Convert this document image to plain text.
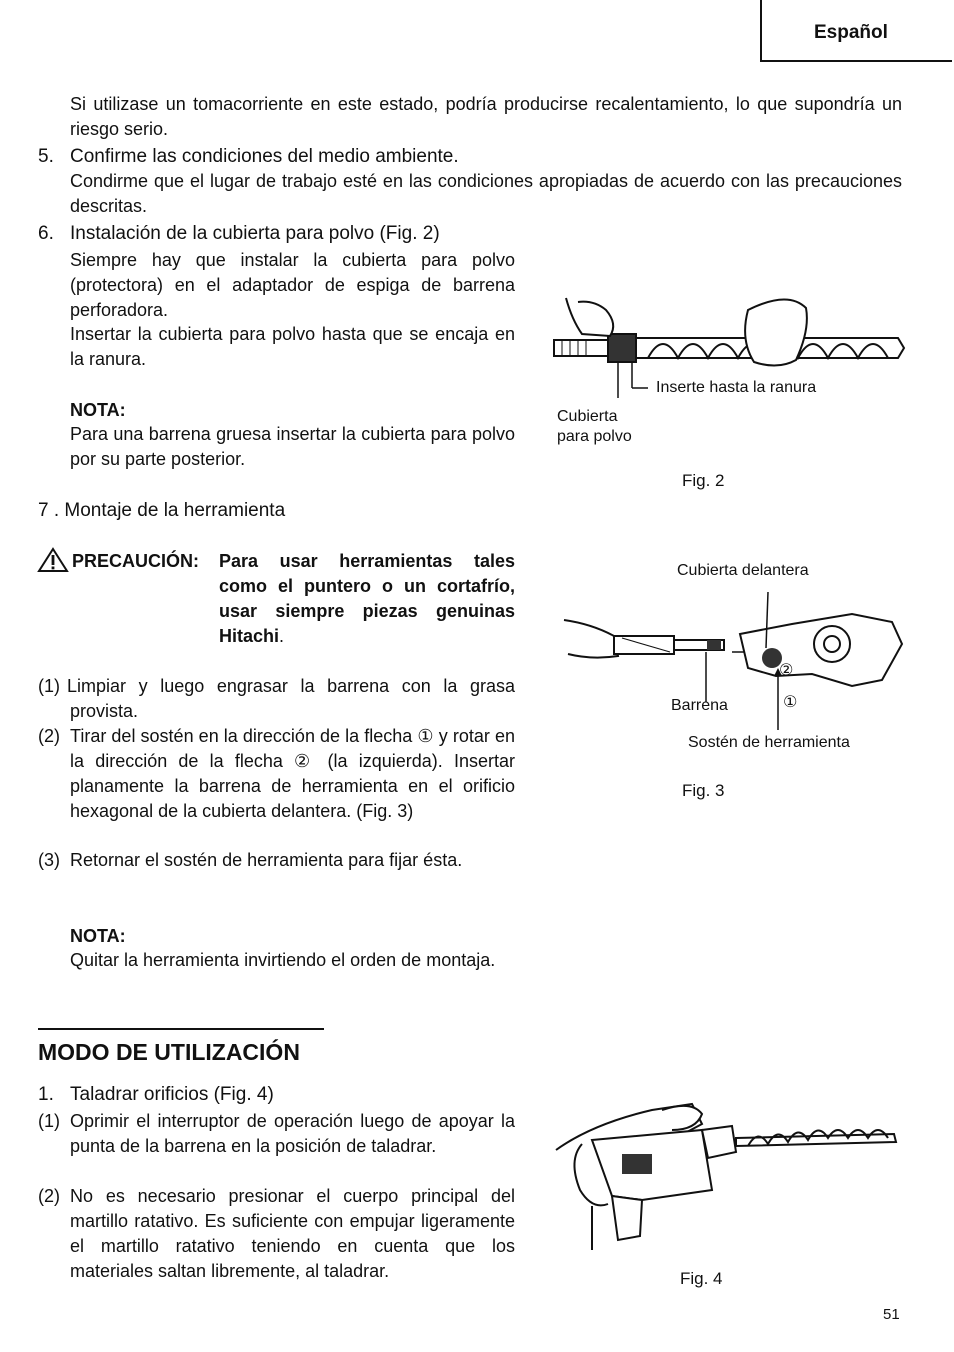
Español
Si utilizase un tomacorriente en este estado, podría producirse recalentamiento, lo que supondría un riesgo serio.
5. Confirme las condiciones del medio ambiente.
Condirme que el lugar de trabajo esté en las condiciones apropiadas de acuerdo con las precauciones descritas.
6. Instalación de la cubierta para polvo (Fig. 2)
Siempre hay que instalar la cubierta para polvo (protectora) en el adaptador de espiga de barrena perforadora.
Insertar la cubierta para polvo hasta que se encaja en la ranura.
NOTA:
Para una barrena gruesa insertar la cubierta para polvo por su parte posterior.
7 . Montaje de la herramienta
PRECAUCIÓN: Para usar herramientas tales como el puntero o un cortafrío, usar siempre piezas genuinas Hitachi.
(1) Limpiar y luego engrasar la barrena con la grasa provista.
(2) Tirar del sostén en la dirección de la flecha ① y rotar en la dirección de la flecha ② (la izquierda). Insertar planamente la barrena de herramienta en el orificio hexagonal de la cubierta delantera. (Fig. 3)
(3) Retornar el sostén de herramienta para fijar ésta.
NOTA:
Quitar la herramienta invirtiendo el orden de montaja.
MODO DE UTILIZACIÓN
1. Taladrar orificios (Fig. 4)
(1) Oprimir el interruptor de operación luego de apoyar la punta de la barrena en la posición de taladrar.
(2) No es necesario presionar el cuerpo principal del martillo ratativo. Es suficiente con empujar ligeramente el martillo ratativo teniendo en cuenta que los materiales saltan libremente, al taladrar.
Inserte hasta la ranura
Cubierta
para polvo
Fig. 2
Cubierta delantera
②
①
Barrena
Sostén de herramienta
Fig. 3
Fig. 4
51
